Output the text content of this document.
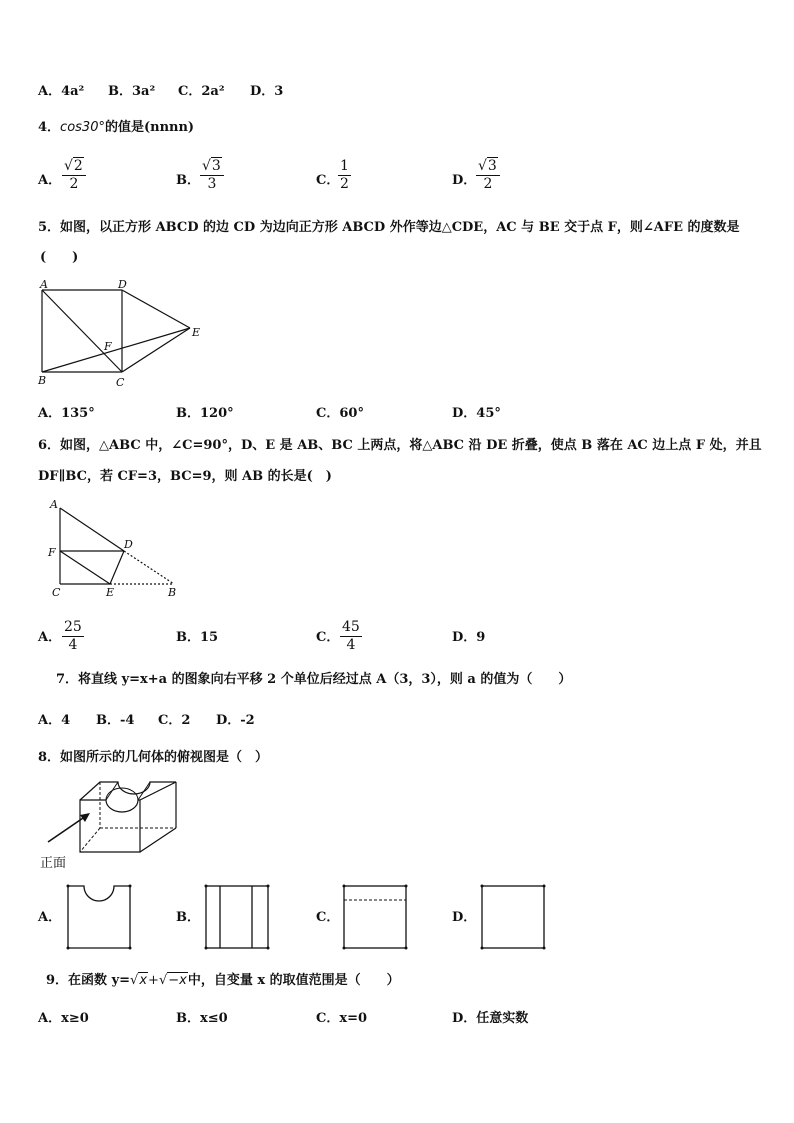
A．4a² B．3a² C．2a² D．3
4．cos30°的值是(nnnn)
A． $\frac{√2}{2}$	B． $\frac{√3}{3}$	C．
$\frac{1}{2}$	D． $\frac{√3}{2}$
5．如图，以正方形 ABCD 的边 CD 为边向正方形 ABCD 外作等边△CDE，AC 与 BE 交于点 F，则∠AFE 的度数是
(　　)
A	D
E
F
B	C
A．135°	B．120°	C．60°	D．45°
6．如图，△ABC 中，∠C=90°，D、E 是 AB、BC 上两点，将△ABC 沿 DE 折叠，使点 B 落在 AC 边上点 F 处，并且
DF∥BC，若 CF=3，BC=9，则 AB 的长是(　)
A
F
D
C	E	B
A． $\frac{25}{4}$	B．15	C． $\frac{45}{4}$	D．9
7．将直线 y=x+a 的图象向右平移 2 个单位后经过点 A（3，3），则 a 的值为（　　）
A．4 B．-4 C．2 D．-2
8．如图所示的几何体的俯视图是（　）
正面
A．	B．	C．	D．
9．在函数 y=√x+√−x中，自变量 x 的取值范围是（　　）
A．x≥0	B．x≤0	C．x=0	D．任意实数
